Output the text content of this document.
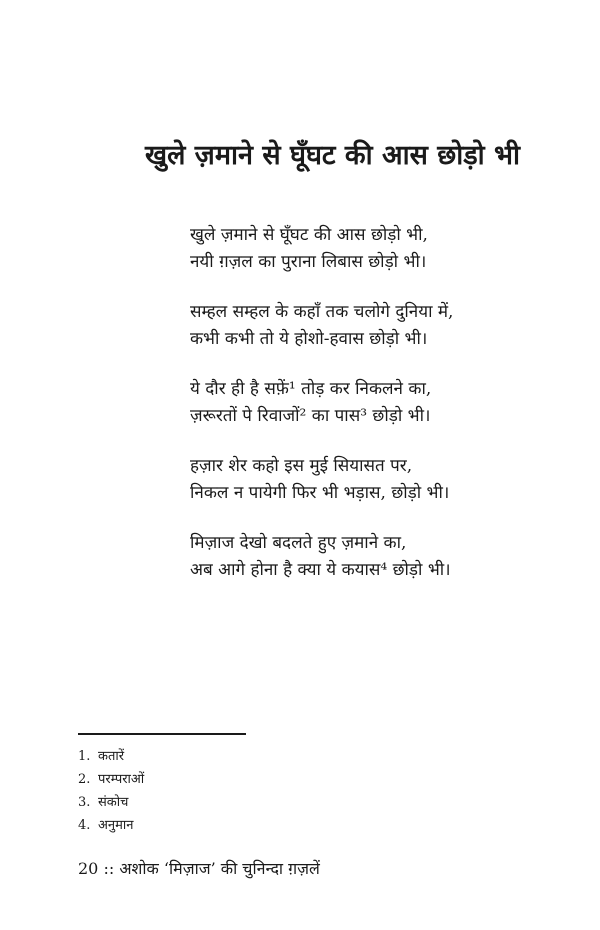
खुले ज़माने से घूँघट की आस छोड़ो भी
खुले ज़माने से घूँघट की आस छोड़ो भी,
नयी ग़ज़ल का पुराना लिबास छोड़ो भी।
सम्हल सम्हल के कहाँ तक चलोगे दुनिया में,
कभी कभी तो ये होशो-हवास छोड़ो भी।
ये दौर ही है सफ़ें¹ तोड़ कर निकलने का,
ज़रूरतों पे रिवाजों² का पास³ छोड़ो भी।
हज़ार शेर कहो इस मुई सियासत पर,
निकल न पायेगी फिर भी भड़ास, छोड़ो भी।
मिज़ाज देखो बदलते हुए ज़माने का,
अब आगे होना है क्या ये कयास⁴ छोड़ो भी।
1. कतारें
2. परम्पराओं
3. संकोच
4. अनुमान
20 :: अशोक ‘मिज़ाज’ की चुनिन्दा ग़ज़लें
